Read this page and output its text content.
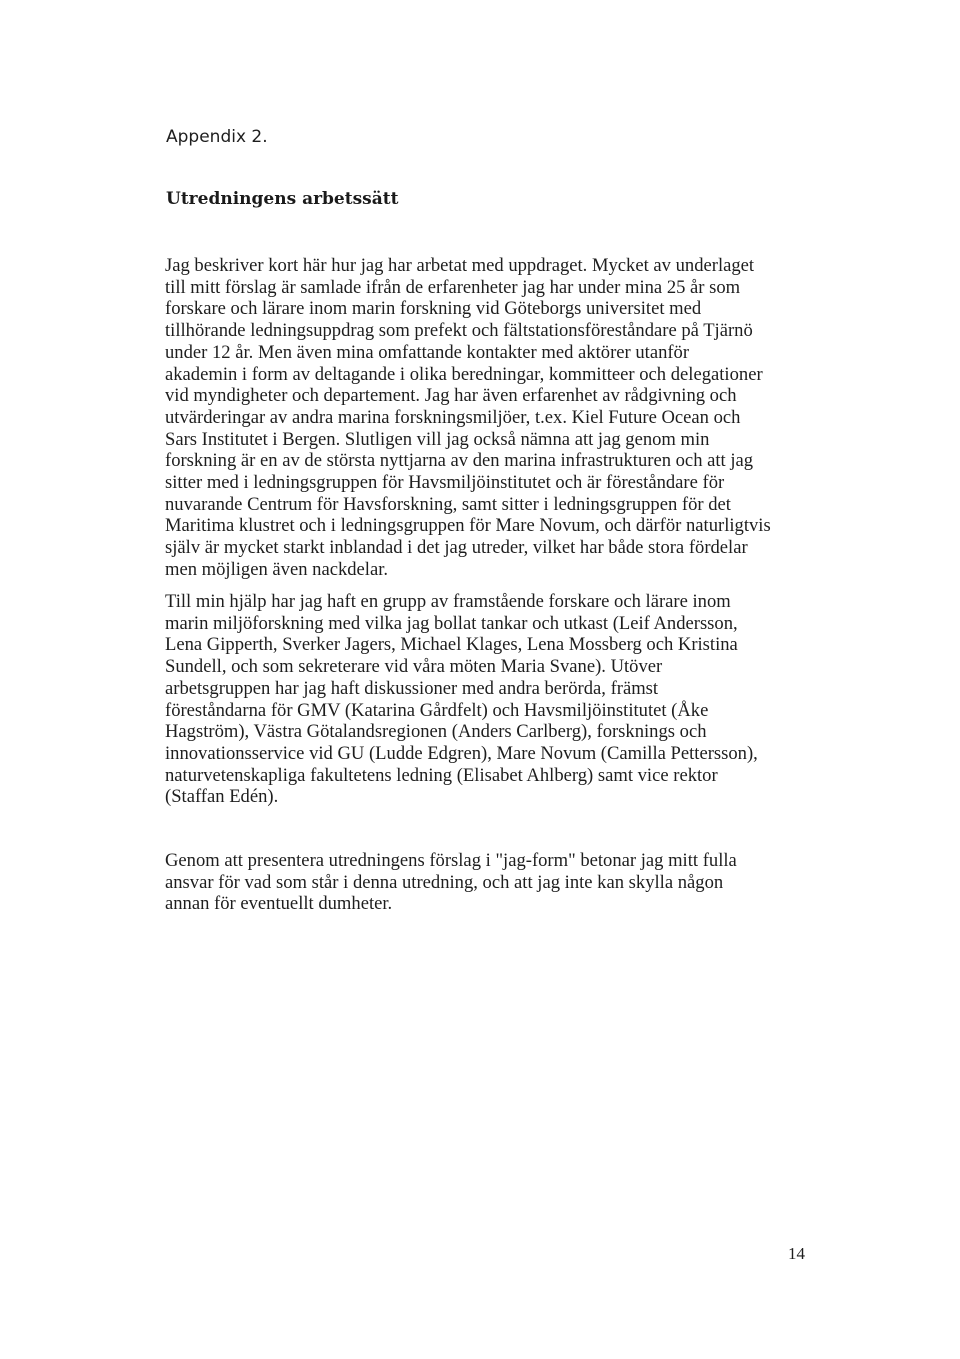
Appendix 2.
Utredningens arbetssätt
Jag beskriver kort här hur jag har arbetat med uppdraget. Mycket av underlaget
till mitt förslag är samlade ifrån de erfarenheter jag har under mina 25 år som
forskare och lärare inom marin forskning vid Göteborgs universitet med
tillhörande ledningsuppdrag som prefekt och fältstationsföreståndare på Tjärnö
under 12 år. Men även mina omfattande kontakter med aktörer utanför
akademin i form av deltagande i olika beredningar, kommitteer och delegationer
vid myndigheter och departement. Jag har även erfarenhet av rådgivning och
utvärderingar av andra marina forskningsmiljöer, t.ex. Kiel Future Ocean och
Sars Institutet i Bergen. Slutligen vill jag också nämna att jag genom min
forskning är en av de största nyttjarna av den marina infrastrukturen och att jag
sitter med i ledningsgruppen för Havsmiljöinstitutet och är föreståndare för
nuvarande Centrum för Havsforskning, samt sitter i ledningsgruppen för det
Maritima klustret och i ledningsgruppen för Mare Novum, och därför naturligtvis
själv är mycket starkt inblandad i det jag utreder, vilket har både stora fördelar
men möjligen även nackdelar.
Till min hjälp har jag haft en grupp av framstående forskare och lärare inom
marin miljöforskning med vilka jag bollat tankar och utkast (Leif Andersson,
Lena Gipperth, Sverker Jagers, Michael Klages, Lena Mossberg och Kristina
Sundell, och som sekreterare vid våra möten Maria Svane). Utöver
arbetsgruppen har jag haft diskussioner med andra berörda, främst
föreståndarna för GMV (Katarina Gårdfelt) och Havsmiljöinstitutet (Åke
Hagström), Västra Götalandsregionen (Anders Carlberg), forsknings och
innovationsservice vid GU (Ludde Edgren), Mare Novum (Camilla Pettersson),
naturvetenskapliga fakultetens ledning (Elisabet Ahlberg) samt vice rektor
(Staffan Edén).
Genom att presentera utredningens förslag i "jag-form" betonar jag mitt fulla
ansvar för vad som står i denna utredning, och att jag inte kan skylla någon
annan för eventuellt dumheter.
14
